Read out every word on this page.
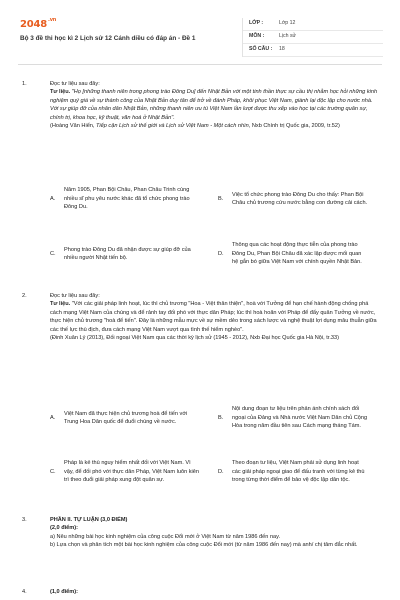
$2048^{.vn}$
Bộ 3 đề thi học kì 2 Lịch sử 12 Cánh diều có đáp án - Đề 1
LỚP :	Lớp 12
MÔN :	Lịch sử
SỐ CÂU :	18
1.	Đọc tư liệu sau đây:

Tư liệu. "Họ [những thanh niên trong phong trào Đông Du] đến Nhật Bản với một tinh thần thực sự cầu thị nhằm học hỏi những kinh nghiệm quý giá về sự thành công của Nhật Bản duy tân để trở về đánh Pháp, khôi phục Việt Nam, giành lại độc lập cho nước nhà. Với sự giúp đỡ của nhân dân Nhật Bản, những thanh niên ưu tú Việt Nam lần lượt được thu xếp vào học tại các trường quân sự, chính trị, khoa học, kỹ thuật, văn hoá ở Nhật Bản".

(Hoàng Văn Hiển, Tiếp cận Lịch sử thế giới và Lịch sử Việt Nam - Một cách nhìn, Nxb Chính trị Quốc gia, 2009, tr.52)

A.
Năm 1905, Phan Bội Châu, Phan Châu Trinh cùng nhiều sĩ phu yêu nước khác đã tổ chức phong trào Đông Du.
B.
Việc tổ chức phong trào Đông Du cho thấy: Phan Bội Châu chủ trương cứu nước bằng con đường cải cách.
C.
Phong trào Đông Du đã nhận được sự giúp đỡ của nhiều người Nhật tiến bộ.
D.
Thông qua các hoạt động thực tiễn của phong trào Đông Du, Phan Bội Châu đã xác lập được mối quan hệ gắn bó giữa Việt Nam với chính quyền Nhật Bản.
2.	Đọc tư liệu sau đây:

Tư liệu. "Với các giải pháp linh hoạt, lúc thì chủ trương "Hoa - Việt thân thiện", hoà với Tưởng để hạn chế hành động chống phá cách mạng Việt Nam của chúng và để rảnh tay đối phó với thực dân Pháp; lúc thì hoà hoãn với Pháp để đẩy quân Tưởng về nước, thực hiện chủ trương "hoà để tiến". Đây là những mẫu mực về sự mềm dẻo trong sách lược và nghệ thuật lợi dụng mâu thuẫn giữa các thế lực thù địch, đưa cách mạng Việt Nam vượt qua tình thế hiểm nghèo".

(Đinh Xuân Lý (2013), Đối ngoại Việt Nam qua các thời kỳ lịch sử (1945 - 2012), Nxb Đại học Quốc gia Hà Nội, tr.33)

A.
Việt Nam đã thực hiện chủ trương hoà để tiến với Trung Hoa Dân quốc để đuổi chúng về nước.
B.
Nội dung đoạn tư liệu trên phản ánh chính sách đối ngoại của Đảng và Nhà nước Việt Nam Dân chủ Cộng Hòa trong năm đầu tiên sau Cách mạng tháng Tám.
C.
Pháp là kẻ thù nguy hiểm nhất đối với Việt Nam. Vì vậy, để đối phó với thực dân Pháp, Việt Nam luôn kiên trì theo đuổi giải pháp xung đột quân sự.
D.
Theo đoạn tư liệu, Việt Nam phải sử dụng linh hoạt các giải pháp ngoại giao để đấu tranh với từng kẻ thù trong từng thời điểm để bảo vệ độc lập dân tộc.
3.	PHẦN II. TỰ LUẬN (3,0 ĐIỂM)

(2,0 điểm):

a) Nêu những bài học kinh nghiệm của công cuộc Đổi mới ở Việt Nam từ năm 1986 đến nay.

b) Lựa chọn và phân tích một bài học kinh nghiệm của công cuộc Đổi mới (từ năm 1986 đến nay) mà anh/ chị tâm đắc nhất.

4.	(1,0 điểm):
